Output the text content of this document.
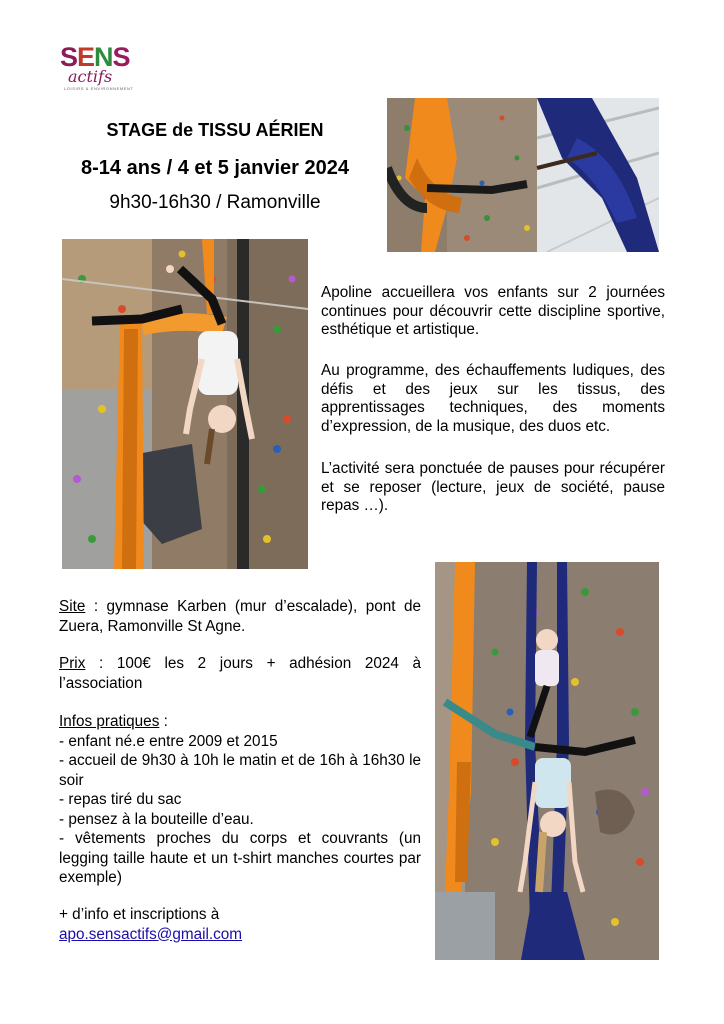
SENS
actifs
LOISIRS & ENVIRONNEMENT
STAGE de TISSU AÉRIEN
8-14 ans / 4 et 5 janvier 2024
9h30-16h30 / Ramonville
Apoline accueillera vos enfants sur 2 journées continues pour découvrir cette discipline sportive, esthétique et artistique.
Au programme, des échauffements ludiques, des défis et des jeux sur les tissus, des apprentissages techniques, des moments d’expression, de la musique, des duos etc.
L’activité sera ponctuée de pauses pour récupérer et se reposer (lecture, jeux de société, pause repas …).
Site : gymnase Karben (mur d’escalade), pont de Zuera, Ramonville St Agne.
Prix : 100€ les 2 jours + adhésion 2024 à l’association
Infos pratiques :
- enfant né.e entre 2009 et 2015
- accueil de 9h30 à 10h le matin et de 16h à 16h30 le soir
- repas tiré du sac
- pensez à la bouteille d’eau.
- vêtements proches du corps et couvrants (un legging taille haute et un t-shirt manches courtes par exemple)
+ d’info et inscriptions à
apo.sensactifs@gmail.com
